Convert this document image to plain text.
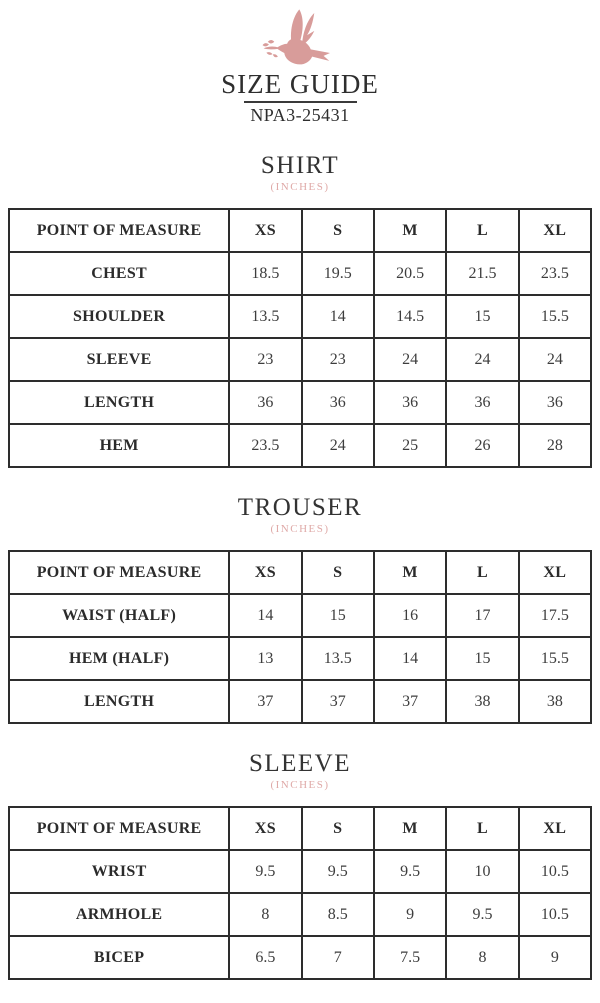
SIZE GUIDE
NPA3-25431
SHIRT
(INCHES)
POINT OF MEASURE	XS	S	M	L	XL
CHEST	18.5	19.5	20.5	21.5	23.5
SHOULDER	13.5	14	14.5	15	15.5
SLEEVE	23	23	24	24	24
LENGTH	36	36	36	36	36
HEM	23.5	24	25	26	28
TROUSER
(INCHES)
POINT OF MEASURE	XS	S	M	L	XL
WAIST (HALF)	14	15	16	17	17.5
HEM (HALF)	13	13.5	14	15	15.5
LENGTH	37	37	37	38	38
SLEEVE
(INCHES)
POINT OF MEASURE	XS	S	M	L	XL
WRIST	9.5	9.5	9.5	10	10.5
ARMHOLE	8	8.5	9	9.5	10.5
BICEP	6.5	7	7.5	8	9
